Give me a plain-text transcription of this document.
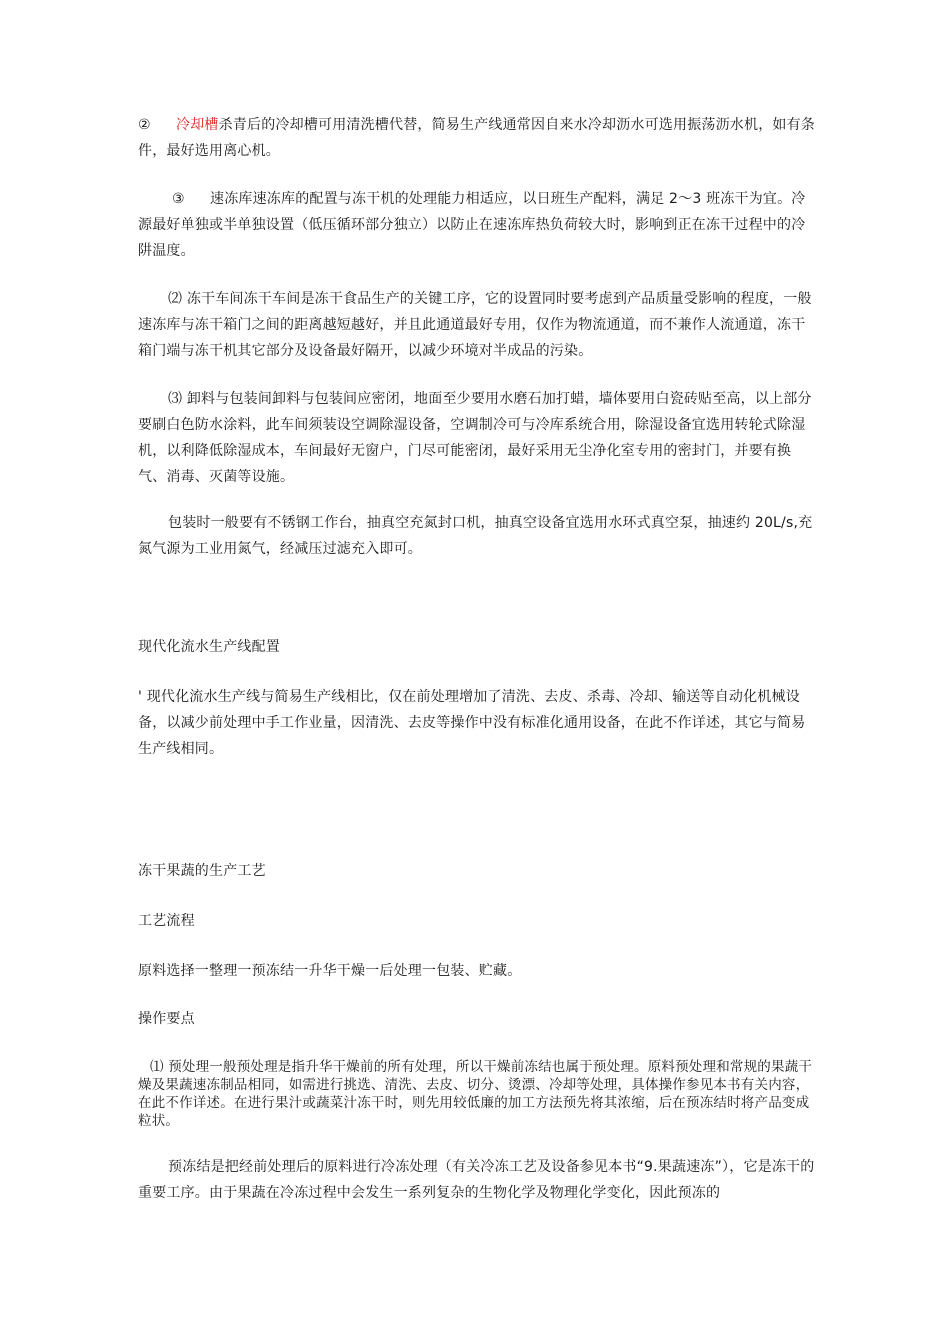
② 冷却槽杀青后的冷却槽可用清洗槽代替，简易生产线通常因自来水冷却沥水可选用振荡沥水机，如有条件，最好选用离心机。

③ 速冻库速冻库的配置与冻干机的处理能力相适应，以日班生产配料，满足 2〜3 班冻干为宜。冷源最好单独或半单独设置（低压循环部分独立）以防止在速冻库热负荷较大时，影响到正在冻干过程中的冷阱温度。

⑵ 冻干车间冻干车间是冻干食品生产的关键工序，它的设置同时要考虑到产品质量受影响的程度，一般速冻库与冻干箱门之间的距离越短越好，并且此通道最好专用，仅作为物流通道，而不兼作人流通道，冻干箱门端与冻干机其它部分及设备最好隔开，以减少环境对半成品的污染。

⑶ 卸料与包装间卸料与包装间应密闭，地面至少要用水磨石加打蜡，墙体要用白瓷砖贴至高，以上部分要刷白色防水涂料，此车间须装设空调除湿设备，空调制冷可与冷库系统合用，除湿设备宜选用转轮式除湿机，以利降低除湿成本，车间最好无窗户，门尽可能密闭，最好采用无尘净化室专用的密封门，并要有换气、消毒、灭菌等设施。

包装时一般要有不锈钢工作台，抽真空充氮封口机，抽真空设备宜选用水环式真空泵，抽速约 20L/s,充氮气源为工业用氮气，经减压过滤充入即可。

现代化流水生产线配置

' 现代化流水生产线与简易生产线相比，仅在前处理增加了清洗、去皮、杀毒、冷却、输送等自动化机械设备，以减少前处理中手工作业量，因清洗、去皮等操作中没有标准化通用设备，在此不作详述，其它与简易生产线相同。

冻干果蔬的生产工艺

工艺流程

原料选择一整理一预冻结一升华干燥一后处理一包装、贮藏。

操作要点

⑴ 预处理一般预处理是指升华干燥前的所有处理，所以干燥前冻结也属于预处理。原料预处理和常规的果蔬干燥及果蔬速冻制品相同，如需进行挑选、清洗、去皮、切分、烫漂、冷却等处理，具体操作参见本书有关内容，在此不作详述。在进行果汁或蔬菜汁冻干时，则先用较低廉的加工方法预先将其浓缩，后在预冻结时将产品变成粒状。

预冻结是把经前处理后的原料进行冷冻处理（有关冷冻工艺及设备参见本书“9.果蔬速冻”），它是冻干的重要工序。由于果蔬在冷冻过程中会发生一系列复杂的生物化学及物理化学变化，因此预冻的
